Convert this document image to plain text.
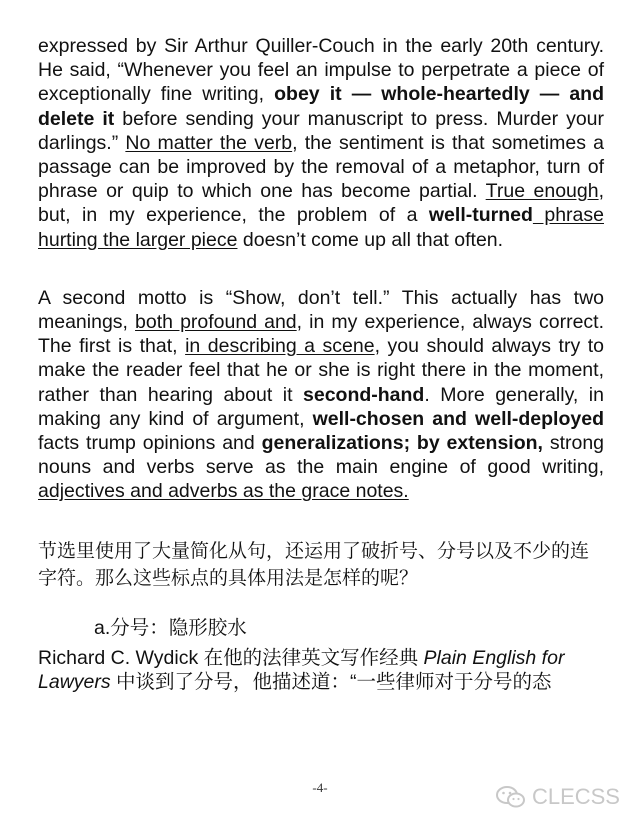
expressed by Sir Arthur Quiller-Couch in the early 20th century. He said, “Whenever you feel an impulse to perpetrate a piece of exceptionally fine writing, obey it — whole-heartedly — and delete it before sending your manuscript to press. Murder your darlings.” No matter the verb, the sentiment is that sometimes a passage can be improved by the removal of a metaphor, turn of phrase or quip to which one has become partial. True enough, but, in my experience, the problem of a well-turned phrase hurting the larger piece doesn’t come up all that often.

A second motto is “Show, don’t tell.” This actually has two meanings, both profound and, in my experience, always correct. The first is that, in describing a scene, you should always try to make the reader feel that he or she is right there in the moment, rather than hearing about it second-hand. More generally, in making any kind of argument, well-chosen and well-deployed facts trump opinions and generalizations; by extension, strong nouns and verbs serve as the main engine of good writing, adjectives and adverbs as the grace notes.

节选里使用了大量简化从句，还运用了破折号、分号以及不少的连字符。那么这些标点的具体用法是怎样的呢？

a.分号：隐形胶水

Richard C. Wydick 在他的法律英文写作经典 Plain English for Lawyers 中谈到了分号，他描述道：“一些律师对于分号的态

-4-	CLECSS
